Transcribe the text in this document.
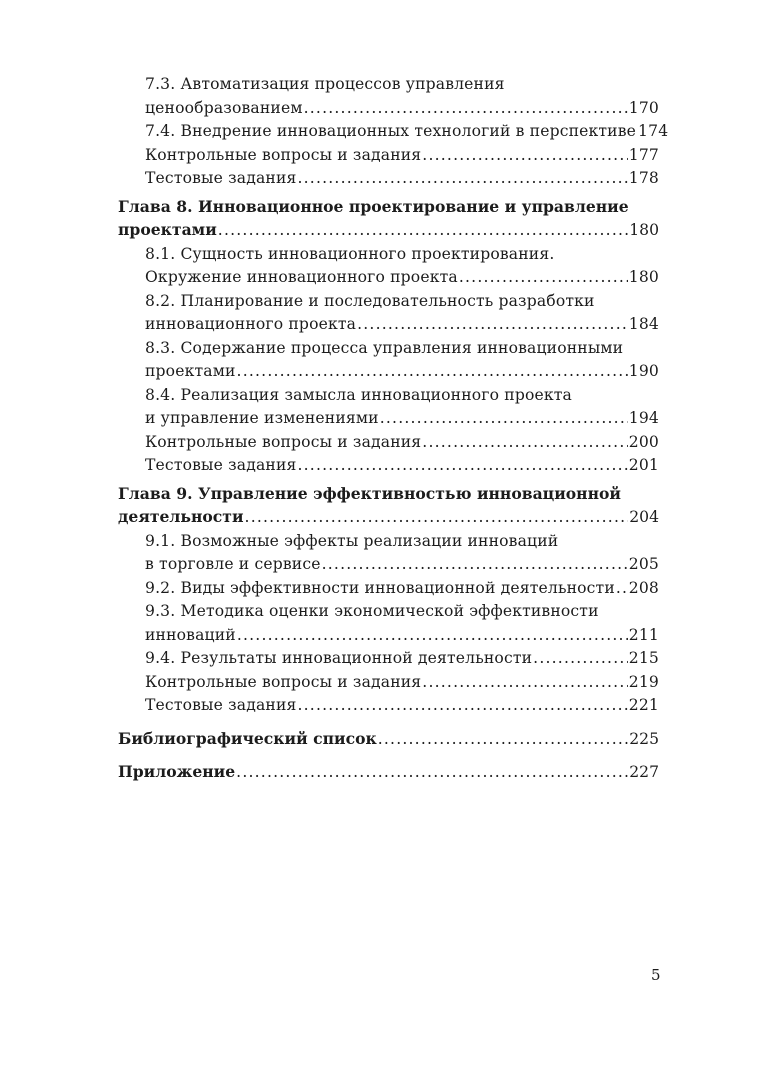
7.3. Автоматизация процессов управления
ценообразованием .....	170
7.4. Внедрение инновационных технологий в перспективе 174
Контрольные вопросы и задания .....	177
Тестовые задания .....	178
Глава 8. Инновационное проектирование и управление
проектами .....	180
8.1. Сущность инновационного проектирования.
Окружение инновационного проекта .....	180
8.2. Планирование и последовательность разработки
инновационного проекта .....	184
8.3. Содержание процесса управления инновационными
проектами .....	190
8.4. Реализация замысла инновационного проекта
и управление изменениями .....	194
Контрольные вопросы и задания .....	200
Тестовые задания .....	201
Глава 9. Управление эффективностью инновационной
деятельности .....	204
9.1. Возможные эффекты реализации инноваций
в торговле и сервисе .....	205
9.2. Виды эффективности инновационной деятельности ..... 208
9.3. Методика оценки экономической эффективности
инноваций .....	211
9.4. Результаты инновационной деятельности .....	215
Контрольные вопросы и задания .....	219
Тестовые задания .....	221
Библиографический список .....	225
Приложение .....	227
5
